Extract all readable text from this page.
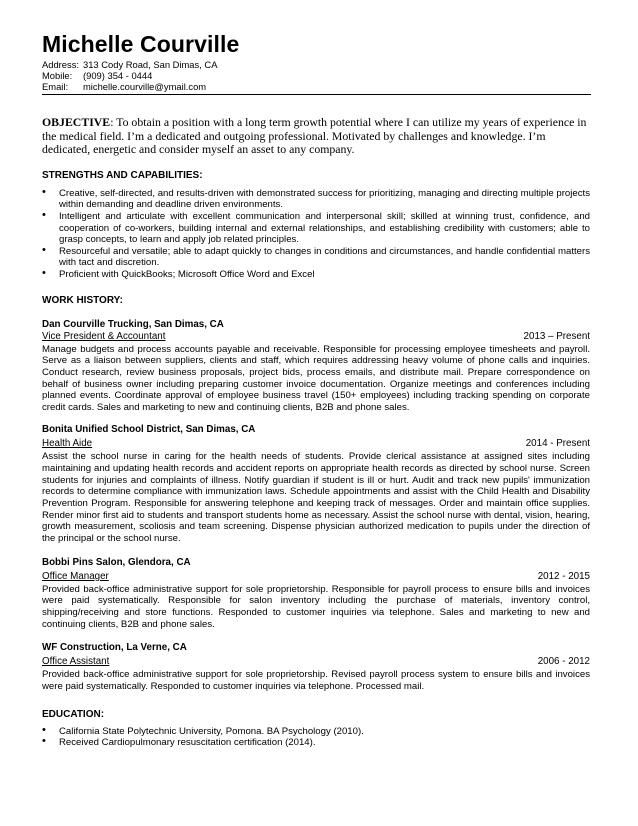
Michelle Courville
Address: 313 Cody Road, San Dimas, CA
Mobile: (909) 354 - 0444
Email: michelle.courville@ymail.com
OBJECTIVE: To obtain a position with a long term growth potential where I can utilize my years of experience in the medical field. I’m a dedicated and outgoing professional. Motivated by challenges and knowledge. I’m dedicated, energetic and consider myself an asset to any company.
STRENGTHS AND CAPABILITIES:
• Creative, self-directed, and results-driven with demonstrated success for prioritizing, managing and directing multiple projects within demanding and deadline driven environments.
• Intelligent and articulate with excellent communication and interpersonal skill; skilled at winning trust, confidence, and cooperation of co-workers, building internal and external relationships, and establishing credibility with customers; able to grasp concepts, to learn and apply job related principles.
• Resourceful and versatile; able to adapt quickly to changes in conditions and circumstances, and handle confidential matters with tact and discretion.
• Proficient with QuickBooks; Microsoft Office Word and Excel
WORK HISTORY:
Dan Courville Trucking, San Dimas, CA
Vice President & Accountant	2013 – Present
Manage budgets and process accounts payable and receivable. Responsible for processing employee timesheets and payroll. Serve as a liaison between suppliers, clients and staff, which requires addressing heavy volume of phone calls and inquiries. Conduct research, review business proposals, project bids, process emails, and distribute mail. Prepare correspondence on behalf of business owner including preparing customer invoice documentation. Organize meetings and conferences including planned events. Coordinate approval of employee business travel (150+ employees) including tracking spending on corporate credit cards. Sales and marketing to new and continuing clients, B2B and phone sales.
Bonita Unified School District, San Dimas, CA
Health Aide	2014 - Present
Assist the school nurse in caring for the health needs of students. Provide clerical assistance at assigned sites including maintaining and updating health records and accident reports on appropriate health records as directed by school nurse. Screen students for injuries and complaints of illness. Notify guardian if student is ill or hurt. Audit and track new pupils' immunization records to determine compliance with immunization laws. Schedule appointments and assist with the Child Health and Disability Prevention Program. Responsible for answering telephone and keeping track of messages. Order and maintain office supplies. Render minor first aid to students and transport students home as necessary. Assist the school nurse with dental, vision, hearing, growth measurement, scoliosis and team screening. Dispense physician authorized medication to pupils under the direction of the principal or the school nurse.
Bobbi Pins Salon, Glendora, CA
Office Manager	2012 - 2015
Provided back-office administrative support for sole proprietorship. Responsible for payroll process to ensure bills and invoices were paid systematically. Responsible for salon inventory including the purchase of materials, inventory control, shipping/receiving and store functions. Responded to customer inquiries via telephone. Sales and marketing to new and continuing clients, B2B and phone sales.
WF Construction, La Verne, CA
Office Assistant	2006 - 2012
Provided back-office administrative support for sole proprietorship. Revised payroll process system to ensure bills and invoices were paid systematically. Responded to customer inquiries via telephone. Processed mail.
EDUCATION:
• California State Polytechnic University, Pomona. BA Psychology (2010).
• Received Cardiopulmonary resuscitation certification (2014).
